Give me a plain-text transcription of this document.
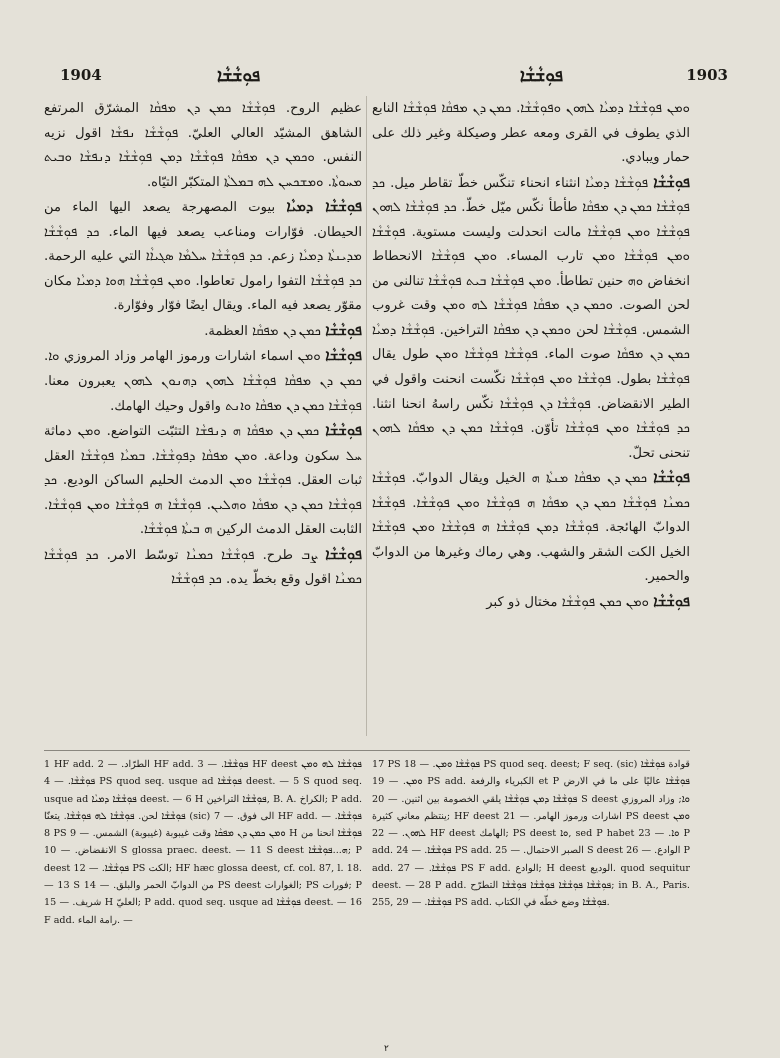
1904	ܦܘܼܫܵܫܵܐ	ܦܘܼܫܵܫܵܐ	1903

عظيم الروح. ܦܘܼܫܵܫܵܐ ܟܡܢ ܕܢ ܡܦܩܵܐ المشرّق المرتفع الشاهق المشيّد العالي العليّ. ܦܘܼܫܵܫܵܐ ܢܦܫܵܐ اقول نزيه النفس. ܘܟܡܢ ܕܢ ܡܦܩܵܐ ܦܘܼܫܵܫܵܐ ܕܡܢ ܦܘܼܫܵܫܵܐ ܕܢܦܫܵܐ ܘܒܝܬ ܡܚܘܬܵܐ. ܘܡܫܟܚܢ ܠܗ ܒܡܠܬܵܐ المتكبّر التيّاه.

ܦܘܼܫܵܫܵܐ ܕܡܝܵܐ بيوت المصهرجة يصعد اليها الماء من الحيطان. فوّارات ومناعب يصعد فيها الماء. ܟܕ ܦܘܼܫܵܫܵܐ ܡܕܝܢܬܵܐ ܕܡܝܵܐ زعم. ܟܕ ܦܘܼܫܵܫܵܐ ܚܠܡܵܐ ܣܓܝܐܵܐ التي عليه الرحمة. ܟܕ ܦܘܼܫܵܫܵܐ التفوا رامول تعاطوا. ܘܡܢ ܦܘܼܫܵܫܵܐ ܗܘܐ ܕܡܝܵܐ مكان مقوّر يصعد فيه الماء. ويقال ايضًا فوّار وفوّارة.

ܦܘܼܫܵܫܵܐ ܟܡܢ ܕܢ ܡܦܩܵܐ العظمة.

ܦܘܼܫܵܫܵܐ ܘܡܢ اسماء اشارات ورموز الهامر وزاد المروزي ܘܐ. ܟܡܢ ܕܢ ܡܦܩܵܐ ܦܘܼܫܵܫܵܐ ܠܗܘܢ ܕܗܢܘܢ ܠܗܘܢ يعبرون معنا. ܦܘܼܫܵܫܵܐ ܟܡܢ ܕܢ ܡܦܩܵܐ ܘܐܢܬ واقول وحيك الهامك.

ܦܘܼܫܵܫܵܐ ܟܡܢ ܕܢ ܡܦܩܵܐ ܗ ܕܢܦܫܵܐ التثبّت التواضع. ܘܡܢ دماثة ܚܠ سكون وداعة. ܘܡܢ ܡܦܩܵܐ ܕܦܘܼܫܵܫܵܐ. ܒܡܝܵܐ ܦܘܼܫܵܫܵܐ العقل ثبات العقل. ܦܘܼܫܵܫܵܐ ܘܡܢ الدمث الحليم الساكن الوديع. ܟܕ ܦܘܼܫܵܫܵܐ ܟܡܢ ܕܢ ܡܦܩܵܐ ܘܗܠܝܢ. ܦܘܼܫܵܫܵܐ ܗ ܦܘܼܫܵܫܵܐ ܘܡܢ ܦܘܼܫܵܫܵܐ. الثابت العقل الدمث الركين ܗ ܒܝܬܵܐ ܦܘܼܫܵܫܵܐ.

ܦܘܼܫܵܫܵܐ ܨܒ طرح. ܦܘܼܫܵܫܵܐ ܟܡܢܵܐ توسّط الامر. ܟܕ ܦܘܼܫܵܫܵܐ ܟܡܢܵܐ اقول وقع بخطّ يده. ܟܕ ܦܘܼܫܵܫܵܐ

ܘܡܢ ܦܘܼܫܵܫܵܐ ܕܡܝܵܐ ܠܗܘܢ ܘܦܘܼܫܵܫܵܐ. ܟܡܢ ܕܢ ܡܦܩܵܐ ܦܘܼܫܵܫܵܐ النابع الذي يطوف في القرى ومعه عطر وصيكلة وغير ذلك على حمار ويبادي.

ܦܘܼܫܵܫܵܐ ܦܘܼܫܵܫܵܐ ܕܡܝܵܐ انثناء انحناء تنكّس خطّ تقاطر ميل. ܟܕ ܦܘܼܫܵܫܵܐ ܟܡܢ ܕܢ ܡܦܩܵܐ طأطأ نكّس ميّل خطّ. ܟܕ ܦܘܼܫܵܫܵܐ ܠܗܘܢ ܦܘܼܫܵܫܵܐ ܘܡܢ ܦܘܼܫܵܫܵܐ مالت انحدلت وليست مستوية. ܦܘܼܫܵܫܵܐ ܘܡܢ ܦܘܼܫܵܫܵܐ ܘܡܢ تارب المساء. ܘܡܢ ܦܘܼܫܵܫܵܐ الانحطاط انخفاض ܘܗ حنين تطاطأ. ܘܡܢ ܦܘܼܫܵܫܵܐ ܒܝܬ ܦܘܼܫܵܫܵܐ تنالنى من لحن الصوت. ܘܟܡܢ ܕܢ ܡܦܩܵܐ ܦܘܼܫܵܫܵܐ ܠܗ ܘܡܢ وقت غروب الشمس. ܦܘܼܫܵܫܵܐ لحن ܘܟܡܢ ܕܢ ܡܦܩܵܐ التراخين. ܦܘܼܫܵܫܵܐ ܕܡܝܵܐ ܟܡܢ ܕܢ ܡܦܩܵܐ صوت الماء. ܦܘܼܫܵܫܵܐ ܦܘܼܫܵܫܵܐ ܘܡܢ طول يقال ܦܘܼܫܵܫܵܐ بطول. ܦܘܼܫܵܫܵܐ ܘܡܢ ܦܘܼܫܵܫܵܐ نكّست انحنت واقول في الطير الانقضاض. ܦܘܼܫܵܫܵܐ ܕܢ ܦܘܼܫܵܫܵܐ نكّس راسهُ انحنا انثنا. ܟܕ ܦܘܼܫܵܫܵܐ ܘܡܢ ܦܘܼܫܵܫܵܐ تأوّن. ܦܘܼܫܵܫܵܐ ܟܡܢ ܕܢ ܡܦܩܵܐ ܠܗܘܢ تنحنى تحلّ.

ܦܘܼܫܵܫܵܐ ܟܡܢ ܕܢ ܡܦܩܵܐ ܡܢܬܵܐ ܗ الخيل ويقال الدوابّ. ܦܘܼܫܵܫܵܐ ܟܡܢܵܐ ܦܘܼܫܵܫܵܐ ܟܡܢ ܕܢ ܡܦܩܵܐ ܗ ܦܘܼܫܵܫܵܐ ܘܡܢ ܦܘܼܫܵܫܵܐ. ܦܘܼܫܵܫܵܐ الدوابّ الهائجة. ܦܘܼܫܵܫܵܐ ܕܡܢ ܦܘܼܫܵܫܵܐ ܗ ܦܘܼܫܵܫܵܐ ܘܡܢ ܦܘܼܫܵܫܵܐ الخيل الكت الشقر والشهب. وهي رماك وغيرها من الدوابّ والحمير.

ܦܘܼܫܵܫܵܐ ܘܡܢ ܟܡܢ ܦܘܼܫܵܫܵܐ مختال ذو كبر

1 HF add. الطرّاد. — 2 HF add. ܦܘܼܫܵܫܵܐ. — 3 HF deest ܦܘܼܫܵܫܵܐ ܠܗ ܘܡܢ ܦܘܼܫܵܫܵܐ. — 4 PS quod seq. usque ad ܦܘܼܫܵܫܵܐ deest. — 5 S quod seq. usque ad ܦܘܼܫܵܫܵܐ ܕܡܝܵܐ deest. — 6 H ܦܘܼܫܵܫܵܐ التراخين, B. A. الكراخ; P add. ܦܘܼܫܵܫܵܐ لحن. ܦܘܼܫܵܫܵܐ ܠܗ ܦܘܼܫܵܫܵܐ. يتعنّا (sic) الى فوق. — 7 HF add. ܦܘܼܫܵܫܵܐ. — 8 PS ܘܡܢ ܟܡܢ ܕܢ ܡܦܩܵܐ وقت غيبوبة (غيبوبة) الشمس. — 9 H ܦܘܼܫܵܫܵܐ انحنا من الانقضاض. — 10 S glossa praec. deest. — 11 S deest ܗ...ܦܘܼܫܵܫܵܐ; P deest ܦܘܼܫܵܫܵܐ. — 12 PS الكت; HF hæc glossa deest, cf. col. 87, l. 18. — 13 S من الدوابّ الحمر والبلق. — 14 PS deest الغوارات; PS فورات; P شريف. — 15 H العليّ; P add. quod seq. usque ad ܦܘܼܫܵܫܵܐ deest. — 16 F add. رامة الماء. —

17 PS ܦܘܼܫܵܫܵܐ ܘܡܢ. — 18 PS quod seq. deest; F seq. (sic) قوادة ܦܘܼܫܵܫܵܐ ܘܡܢ. — 19 PS add. الكبرياء والرفعة et P ܦܘܼܫܵܫܵܐ عاليًا على ما في الارض ܦܘܼܫܵܫܵܐ ܕܡܢ ܦܘܼܫܵܫܵܐ يلقي الخصومة بين اثنين. — 20 S deest ܘܐ; وزاد المروزي ينتظم معاني كثيرة; HF deest اشارات ورموز الهامر. — 21 PS deest ܘܡܢ ܠܗܘܢ. — 22 HF deest الهامك; PS deest ܘܐ, sed P habet ܘܐ. — 23 P add. ܦܘܼܫܵܫܵܐ. — 24 PS add. الصبر الاحتمال. — 25 S deest الوادع. — 26 P add. ܦܘܼܫܵܫܵܐ. — 27 PS F add. الوادع; H deest الوديع. quod sequitur deest. — 28 P add. ܦܘܼܫܵܫܵܐ ܦܘܼܫܵܫܵܐ ܦܘܼܫܵܫܵܐ ܦܘܼܫܵܫܵܐ التطرّح; in B. A., Paris. 255, ܦܘܼܫܵܫܵܐ. — 29 PS add. ܦܘܼܫܵܫܵܐ وضع خطّه في الكتاب.

٢
